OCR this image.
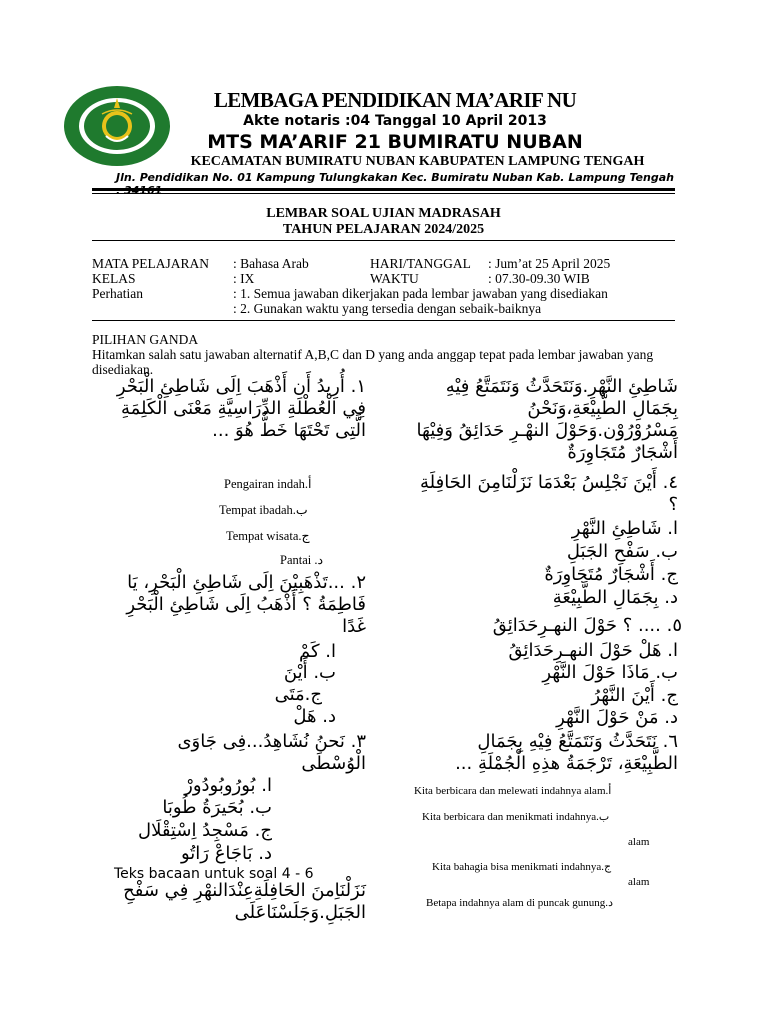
LEMBAGA PENDIDIKAN MA’ARIF NU
Akte notaris :04 Tanggal 10 April 2013
MTS MA’ARIF 21 BUMIRATU NUBAN
KECAMATAN BUMIRATU NUBAN KABUPATEN LAMPUNG TENGAH
Jln. Pendidikan No. 01 Kampung Tulungkakan Kec. Bumiratu Nuban Kab. Lampung Tengah
LEMBAR SOAL UJIAN MADRASAH
TAHUN PELAJARAN 2024/2025
MATA PELAJARAN : Bahasa Arab	HARI/TANGGAL : Jum’at 25 April 2025
KELAS	: IX	WAKTU	: 07.30-09.30 WIB
Perhatian	: 1. Semua jawaban dikerjakan pada lembar jawaban yang disediakan
: 2. Gunakan waktu yang tersedia dengan sebaik-baiknya
PILIHAN GANDA
Hitamkan salah satu jawaban alternatif A,B,C dan D yang anda anggap tepat pada lembar jawaban yang disediakan.
١. أُرِيدُ أَن أَذْهَبَ اِلَى شَاطِئِ الْبَحْرِ فِي الْعُطْلَةِ الدِّرَاسِيَّةِ مَعْنَى الْكَلِمَةِ الَّتِى تَحْتَهَا خَطٌّ هُوَ ...
Pengairan indah.أ
Tempat ibadah.ب
Tempat wisata.ج
Pantai .د
٢. ...تَذْهَبِيْنَ اِلَى شَاطِئِ الْبَحْرِ، يَا فَاطِمَةُ ؟ أَذْهَبُ اِلَى شَاطِئِ الْبَحْرِ غَدًا
ا. كَمْ
ب. أَيْنَ
ج.مَتَى
د. هَلْ
٣. نَحنُ نُشَاهِدُ...فِى جَاوَى الْوُسْطَى
ا. بُورُوبُودُورْ
ب. بُحَيرَةُ طُوبَا
ج. مَسْجِدُ اِسْتِقْلَال
د. بَاجَاعْ رَاتُو
Teks bacaan untuk soal 4 - 6
نَزَلْنَاِمنَ الحَافِلَةِعِنْدَالنهْرِ فِي سَفْحِ الجَبَلِ.وَجَلَسْنَاعَلَى
شَاطِئِ النَّهْرِ.وَنَتَحَدَّثُ وَنَتَمَتَّعُ فِيْهِ بِجَمَالِ الطَّبِيْعَةِ،وَنَحْنُ مَسْرُوْرُوْن.وَحَوْلَ النهْـرِ حَدَائِقُ وَفِيْهَا أَشْجَارٌ مُتَجَاوِرَةٌ
٤. أَيْنَ نَجْلِسُ بَعْدَمَا نَزَلْنَامِنَ الحَافِلَةِ ؟
ا. شَاطِئِ النَّهْرِ
ب. سَفْحِ الجَبَلِ
ج. أَشْجَارٌ مُتَجَاوِرَةٌ
د. بِجَمَالِ الطَّبِيْعَةِ
٥. .... ؟ حَوْلَ النهـرِحَدَائِقُ
ا. هَلْ حَوْلَ النهـرِحَدَائِقُ
ب. مَاذَا حَوْلَ النَّهْرِ
ج. أَيْنَ النَّهْرُ
د. مَنْ حَوْلَ النَّهْرِ
٦. نَتَحَدَّثُ وَنَتَمَتَّعُ فِيْهِ بِجَمَالِ الطَّبِيْعَةِ، تَرْجَمَةُ هذِهِ الْجُمْلَةِ ...
Kita berbicara dan melewati indahnya alam.أ
Kita berbicara dan menikmati indahnya.ب
alam
Kita bahagia bisa menikmati indahnya.ج
alam
Betapa indahnya alam di puncak gunung.د
